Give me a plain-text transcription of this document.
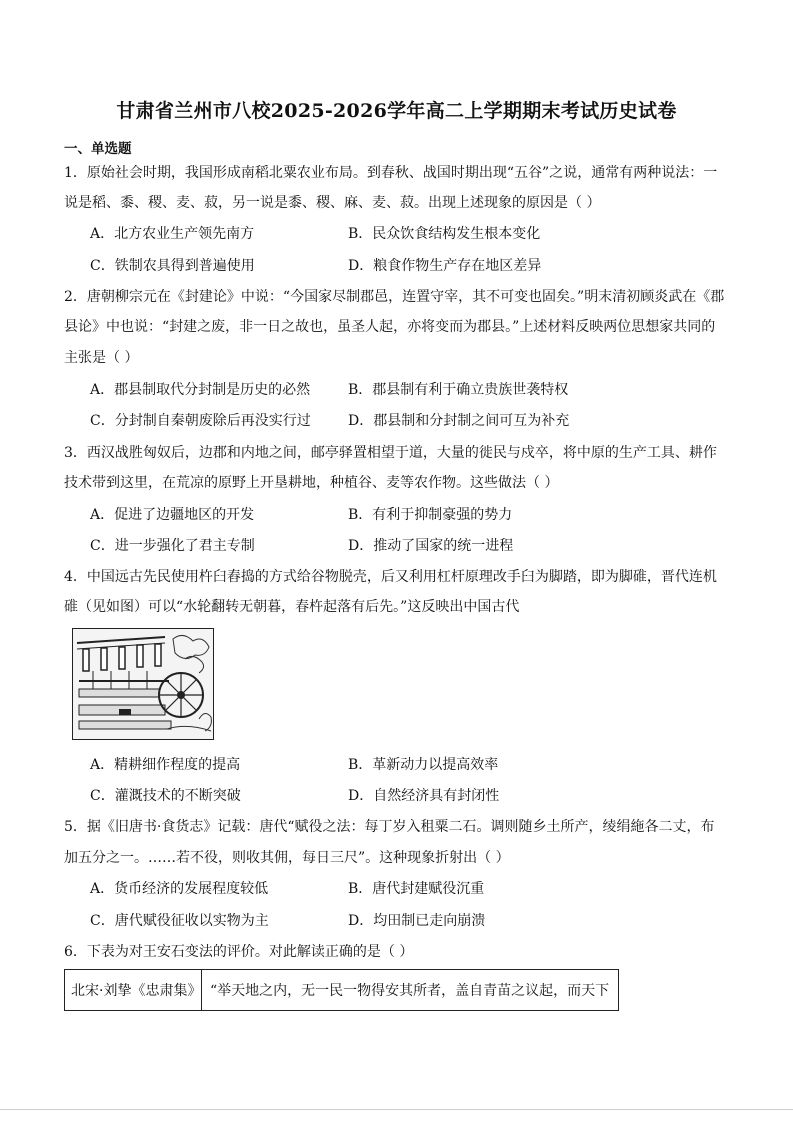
甘肃省兰州市八校2025-2026学年高二上学期期末考试历史试卷
一、单选题
1．原始社会时期，我国形成南稻北粟农业布局。到春秋、战国时期出现“五谷”之说，通常有两种说法：一
说是稻、黍、稷、麦、菽，另一说是黍、稷、麻、麦、菽。出现上述现象的原因是（ ）
A．北方农业生产领先南方	B．民众饮食结构发生根本变化
C．铁制农具得到普遍使用	D．粮食作物生产存在地区差异
2．唐朝柳宗元在《封建论》中说：“今国家尽制郡邑，连置守宰，其不可变也固矣。”明末清初顾炎武在《郡
县论》中也说：“封建之废，非一日之故也，虽圣人起，亦将变而为郡县。”上述材料反映两位思想家共同的
主张是（ ）
A．郡县制取代分封制是历史的必然	B．郡县制有利于确立贵族世袭特权
C．分封制自秦朝废除后再没实行过	D．郡县制和分封制之间可互为补充
3．西汉战胜匈奴后，边郡和内地之间，邮亭驿置相望于道，大量的徙民与戍卒，将中原的生产工具、耕作
技术带到这里，在荒凉的原野上开垦耕地，种植谷、麦等农作物。这些做法（ ）
A．促进了边疆地区的开发	B．有利于抑制豪强的势力
C．进一步强化了君主专制	D．推动了国家的统一进程
4．中国远古先民使用杵臼舂捣的方式给谷物脱壳，后又利用杠杆原理改手臼为脚踏，即为脚碓，晋代连机
碓（见如图）可以“水轮翻转无朝暮，春杵起落有后先。”这反映出中国古代
A．精耕细作程度的提高	B．革新动力以提高效率
C．灌溉技术的不断突破	D．自然经济具有封闭性
5．据《旧唐书·食货志》记载：唐代“赋役之法：每丁岁入租粟二石。调则随乡土所产，绫绢絁各二丈，布
加五分之一。……若不役，则收其佣，每日三尺”。这种现象折射出（ ）
A．货币经济的发展程度较低	B．唐代封建赋役沉重
C．唐代赋役征收以实物为主	D．均田制已走向崩溃
6．下表为对王安石变法的评价。对此解读正确的是（ ）
北宋·刘挚《忠肃集》 “举天地之内，无一民一物得安其所者，盖自青苗之议起，而天下
